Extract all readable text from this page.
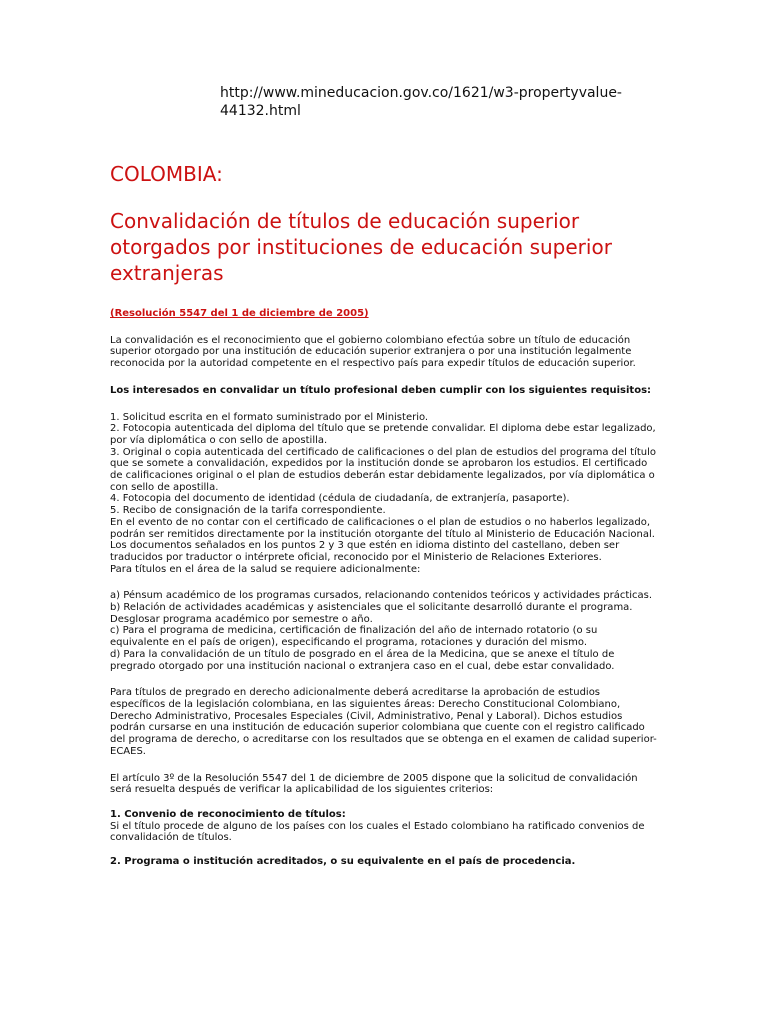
http://www.mineducacion.gov.co/1621/w3-propertyvalue-44132.html
COLOMBIA:
Convalidación de títulos de educación superior otorgados por instituciones de educación superior extranjeras

(Resolución 5547 del 1 de diciembre de 2005)

La convalidación es el reconocimiento que el gobierno colombiano efectúa sobre un título de educación superior otorgado por una institución de educación superior extranjera o por una institución legalmente reconocida por la autoridad competente en el respectivo país para expedir títulos de educación superior.

Los interesados en convalidar un título profesional deben cumplir con los siguientes requisitos:

1. Solicitud escrita en el formato suministrado por el Ministerio.

2. Fotocopia autenticada del diploma del título que se pretende convalidar. El diploma debe estar legalizado, por vía diplomática o con sello de apostilla.

3. Original o copia autenticada del certificado de calificaciones o del plan de estudios del programa del título que se somete a convalidación, expedidos por la institución donde se aprobaron los estudios. El certificado de calificaciones original o el plan de estudios deberán estar debidamente legalizados, por vía diplomática o con sello de apostilla.

4. Fotocopia del documento de identidad (cédula de ciudadanía, de extranjería, pasaporte).

5. Recibo de consignación de la tarifa correspondiente.

En el evento de no contar con el certificado de calificaciones o el plan de estudios o no haberlos legalizado, podrán ser remitidos directamente por la institución otorgante del título al Ministerio de Educación Nacional. Los documentos señalados en los puntos 2 y 3 que estén en idioma distinto del castellano, deben ser traducidos por traductor o intérprete oficial, reconocido por el Ministerio de Relaciones Exteriores.

Para títulos en el área de la salud se requiere adicionalmente:

a) Pénsum académico de los programas cursados, relacionando contenidos teóricos y actividades prácticas.

b) Relación de actividades académicas y asistenciales que el solicitante desarrolló durante el programa. Desglosar programa académico por semestre o año.

c) Para el programa de medicina, certificación de finalización del año de internado rotatorio (o su equivalente en el país de origen), especificando el programa, rotaciones y duración del mismo.

d) Para la convalidación de un título de posgrado en el área de la Medicina, que se anexe el título de pregrado otorgado por una institución nacional o extranjera caso en el cual, debe estar convalidado.

Para títulos de pregrado en derecho adicionalmente deberá acreditarse la aprobación de estudios específicos de la legislación colombiana, en las siguientes áreas: Derecho Constitucional Colombiano, Derecho Administrativo, Procesales Especiales (Civil, Administrativo, Penal y Laboral). Dichos estudios podrán cursarse en una institución de educación superior colombiana que cuente con el registro calificado del programa de derecho, o acreditarse con los resultados que se obtenga en el examen de calidad superior-ECAES.

El artículo 3º de la Resolución 5547 del 1 de diciembre de 2005 dispone que la solicitud de convalidación será resuelta después de verificar la aplicabilidad de los siguientes criterios:

1. Convenio de reconocimiento de títulos:

Si el título procede de alguno de los países con los cuales el Estado colombiano ha ratificado convenios de convalidación de títulos.

2. Programa o institución acreditados, o su equivalente en el país de procedencia.
